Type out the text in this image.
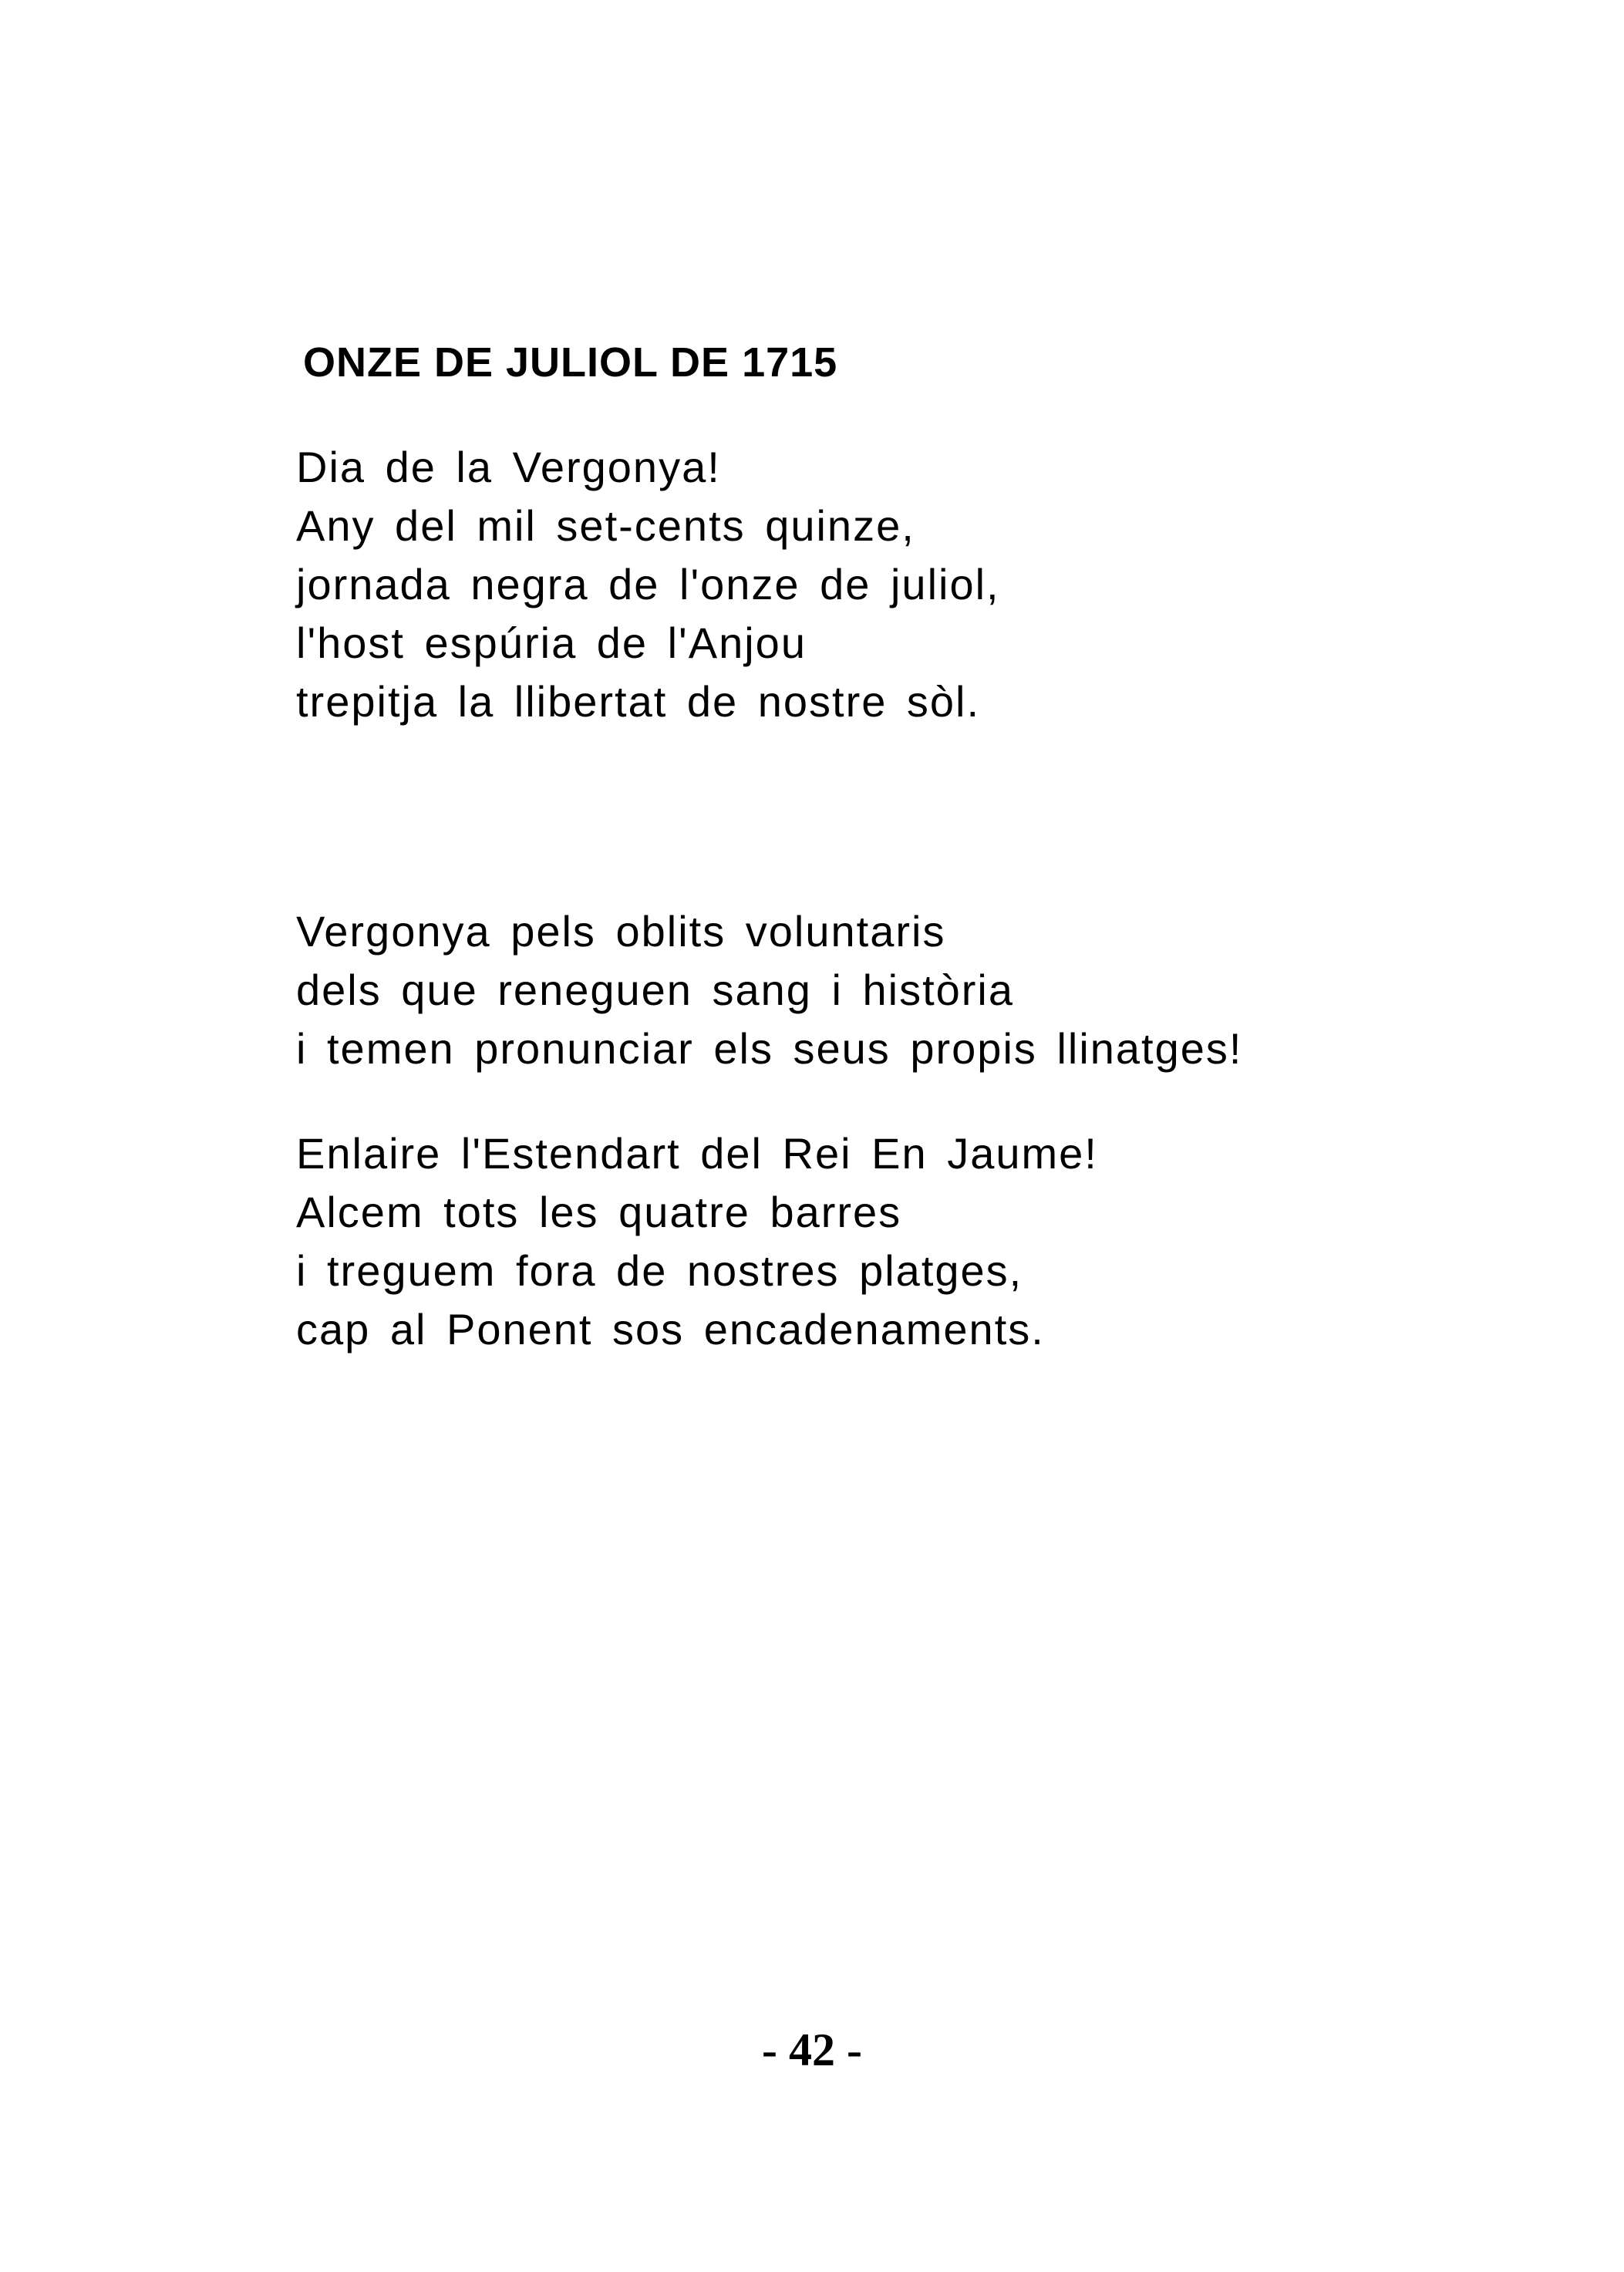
ONZE DE JULIOL DE 1715
Dia de la Vergonya!
Any del mil set-cents quinze,
jornada negra de l'onze de juliol,
l'host espúria de l'Anjou
trepitja la llibertat de nostre sòl.
Vergonya pels oblits voluntaris
dels que reneguen sang i història
i temen pronunciar els seus propis llinatges!
Enlaire l'Estendart del Rei En Jaume!
Alcem tots les quatre barres
i treguem fora de nostres platges,
cap al Ponent sos encadenaments.

- 42 -
